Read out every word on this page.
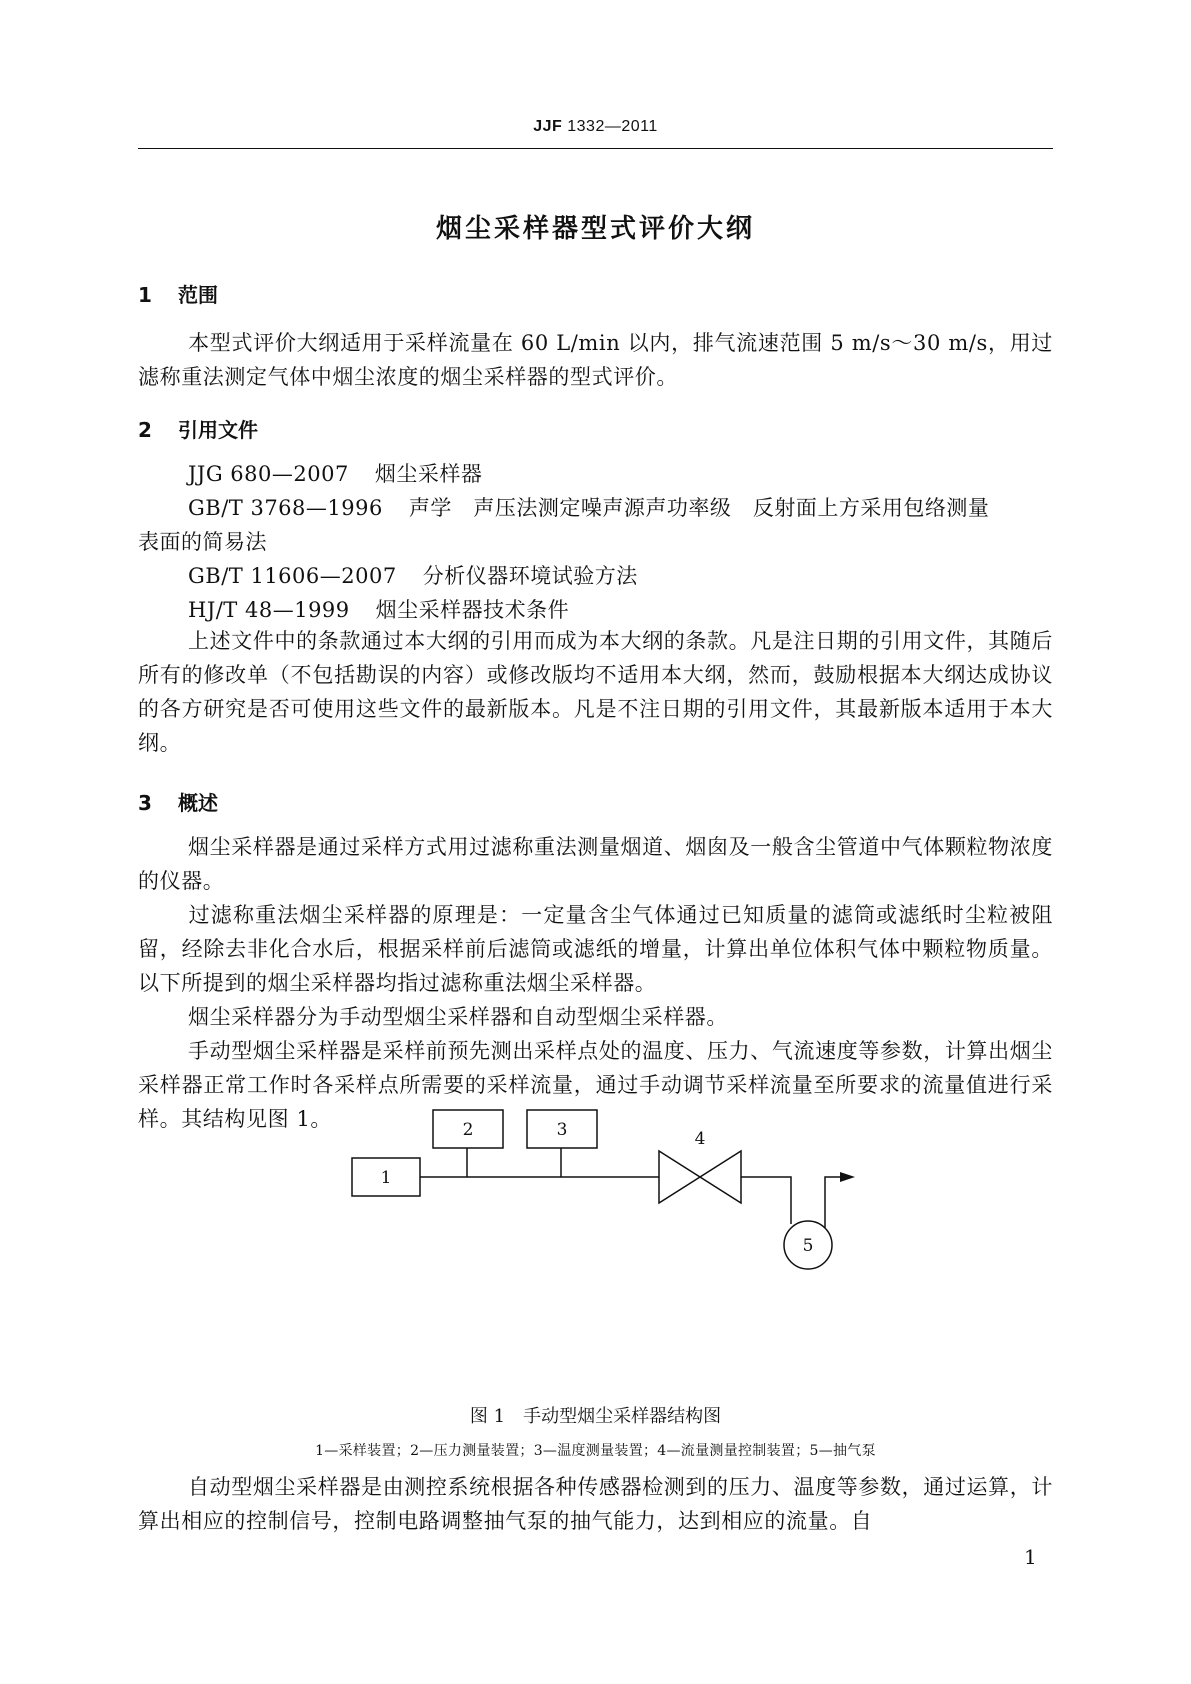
JJF 1332—2011
烟尘采样器型式评价大纲
1 范围
本型式评价大纲适用于采样流量在 60 L/min 以内，排气流速范围 5 m/s～30 m/s，用过滤称重法测定气体中烟尘浓度的烟尘采样器的型式评价。
2 引用文件
JJG 680—2007 烟尘采样器
GB/T 3768—1996 声学　声压法测定噪声源声功率级　反射面上方采用包络测量
表面的简易法
GB/T 11606—2007 分析仪器环境试验方法
HJ/T 48—1999 烟尘采样器技术条件
上述文件中的条款通过本大纲的引用而成为本大纲的条款。凡是注日期的引用文件，其随后所有的修改单（不包括勘误的内容）或修改版均不适用本大纲，然而，鼓励根据本大纲达成协议的各方研究是否可使用这些文件的最新版本。凡是不注日期的引用文件，其最新版本适用于本大纲。
3 概述
烟尘采样器是通过采样方式用过滤称重法测量烟道、烟囱及一般含尘管道中气体颗粒物浓度的仪器。
过滤称重法烟尘采样器的原理是：一定量含尘气体通过已知质量的滤筒或滤纸时尘粒被阻留，经除去非化合水后，根据采样前后滤筒或滤纸的增量，计算出单位体积气体中颗粒物质量。以下所提到的烟尘采样器均指过滤称重法烟尘采样器。
烟尘采样器分为手动型烟尘采样器和自动型烟尘采样器。
手动型烟尘采样器是采样前预先测出采样点处的温度、压力、气流速度等参数，计算出烟尘采样器正常工作时各采样点所需要的采样流量，通过手动调节采样流量至所要求的流量值进行采样。其结构见图 1。
1
2	3	4
5
图 1 手动型烟尘采样器结构图
1—采样装置；2—压力测量装置；3—温度测量装置；4—流量测量控制装置；5—抽气泵
自动型烟尘采样器是由测控系统根据各种传感器检测到的压力、温度等参数，通过运算，计算出相应的控制信号，控制电路调整抽气泵的抽气能力，达到相应的流量。自
1
